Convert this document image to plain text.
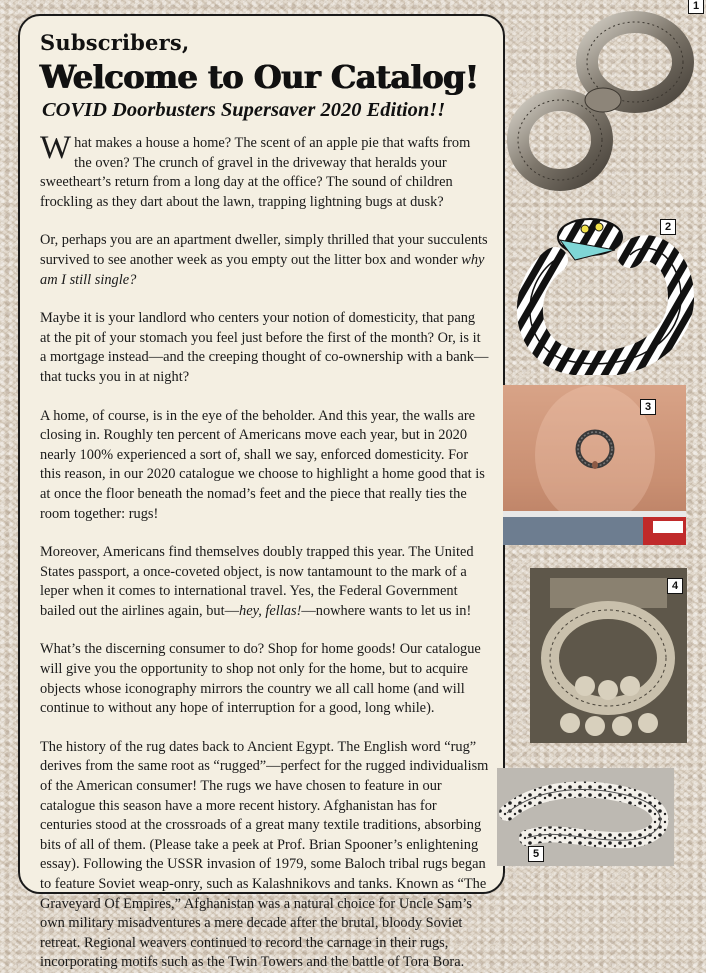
Subscribers,
Welcome to Our Catalog!
COVID Doorbusters Supersaver 2020 Edition!!

What makes a house a home? The scent of an apple pie that wafts from the oven? The crunch of gravel in the driveway that heralds your sweetheart’s return from a long day at the office? The sound of children frockling as they dart about the lawn, trapping lightning bugs at dusk?

Or, perhaps you are an apartment dweller, simply thrilled that your succulents survived to see another week as you empty out the litter box and wonder why am I still single?

Maybe it is your landlord who centers your notion of domesticity, that pang at the pit of your stomach you feel just before the first of the month? Or, is it a mortgage instead—and the creeping thought of co-ownership with a bank—that tucks you in at night?

A home, of course, is in the eye of the beholder. And this year, the walls are closing in. Roughly ten percent of Americans move each year, but in 2020 nearly 100% experienced a sort of, shall we say, enforced domesticity. For this reason, in our 2020 catalogue we choose to highlight a home good that is at once the floor beneath the nomad’s feet and the piece that really ties the room together: rugs!

Moreover, Americans find themselves doubly trapped this year. The United States passport, a once-coveted object, is now tantamount to the mark of a leper when it comes to international travel. Yes, the Federal Government bailed out the airlines again, but—hey, fellas!—nowhere wants to let us in!

What’s the discerning consumer to do? Shop for home goods! Our catalogue will give you the opportunity to shop not only for the home, but to acquire objects whose iconography mirrors the country we all call home (and will continue to without any hope of interruption for a good, long while).

The history of the rug dates back to Ancient Egypt. The English word “rug” derives from the same root as “rugged”—perfect for the rugged individualism of the American consumer! The rugs we have chosen to feature in our catalogue this season have a more recent history. Afghanistan has for centuries stood at the crossroads of a great many textile traditions, absorbing bits of all of them. (Please take a peek at Prof. Brian Spooner’s enlightening essay). Following the USSR invasion of 1979, some Baloch tribal rugs began to feature Soviet weap-onry, such as Kalashnikovs and tanks. Known as “The Graveyard Of Empires,” Afghanistan was a natural choice for Uncle Sam’s own military misadventures a mere decade after the brutal, bloody Soviet retreat. Regional weavers continued to record the carnage in their rugs, incorporating motifs such as the Twin Towers and the battle of Tora Bora.

1
2
3
4
5
